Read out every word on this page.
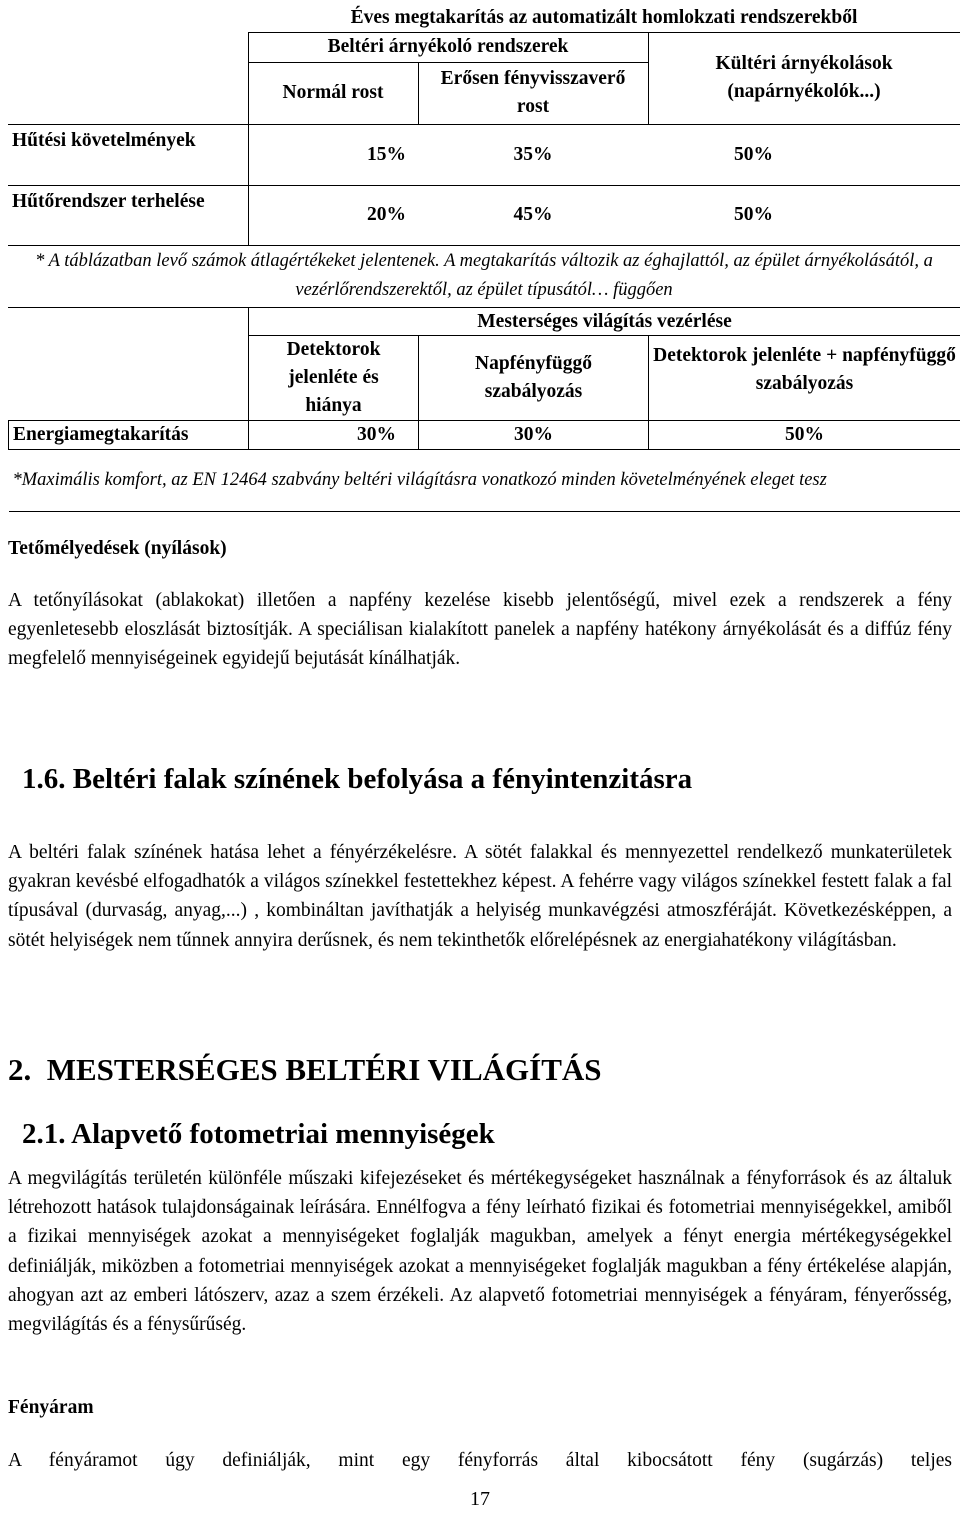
	Éves megtakarítás az automatizált homlokzati rendszerekből		
	Beltéri árnyékoló rendszerek		Kültéri árnyékolások (napárnyékolók...)
	Normál rost	Erősen fényvisszaverő rost	
Hűtési követelmények	15%	35%	50%
Hűtőrendszer terhelése	20%	45%	50%
* A táblázatban levő számok átlagértékeket jelentenek. A megtakarítás változik az éghajlattól, az épület árnyékolásától, a vezérlőrendszerektől, az épület típusától… függően			
	Mesterséges világítás vezérlése		
	Detektorok jelenléte és hiánya	Napfényfüggő szabályozás	Detektorok jelenléte + napfényfüggő szabályozás
Energiamegtakarítás	30%	30%	50%
*Maximális komfort, az EN 12464 szabvány beltéri világításra vonatkozó minden követelményének eleget tesz			
Tetőmélyedések (nyílások)

A tetőnyílásokat (ablakokat) illetően a napfény kezelése kisebb jelentőségű, mivel ezek a rendszerek a fény egyenletesebb eloszlását biztosítják. A speciálisan kialakított panelek a napfény hatékony árnyékolását és a diffúz fény megfelelő mennyiségeinek egyidejű bejutását kínálhatják.

1.6. Beltéri falak színének befolyása a fényintenzitásra

A beltéri falak színének hatása lehet a fényérzékelésre. A sötét falakkal és mennyezettel rendelkező munkaterületek gyakran kevésbé elfogadhatók a világos színekkel festettekhez képest. A fehérre vagy világos színekkel festett falak a fal típusával (durvaság, anyag,...) , kombináltan javíthatják a helyiség munkavégzési atmoszféráját. Következésképpen, a sötét helyiségek nem tűnnek annyira derűsnek, és nem tekinthetők előrelépésnek az energiahatékony világításban.

2.  MESTERSÉGES BELTÉRI VILÁGÍTÁS
2.1. Alapvető fotometriai mennyiségek

A megvilágítás területén különféle műszaki kifejezéseket és mértékegységeket használnak a fényforrások és az általuk létrehozott hatások tulajdonságainak leírására. Ennélfogva a fény leírható fizikai és fotometriai mennyiségekkel, amiből a fizikai mennyiségek azokat a mennyiségeket foglalják magukban, amelyek a fényt energia mértékegységekkel definiálják, miközben a fotometriai mennyiségek azokat a mennyiségeket foglalják magukban a fény értékelése alapján, ahogyan azt az emberi látószerv, azaz a szem érzékeli. Az alapvető fotometriai mennyiségek a fényáram, fényerősség, megvilágítás és a fénysűrűség.

Fényáram

A fényáramot úgy definiálják, mint egy fényforrás által kibocsátott fény (sugárzás) teljes

17
